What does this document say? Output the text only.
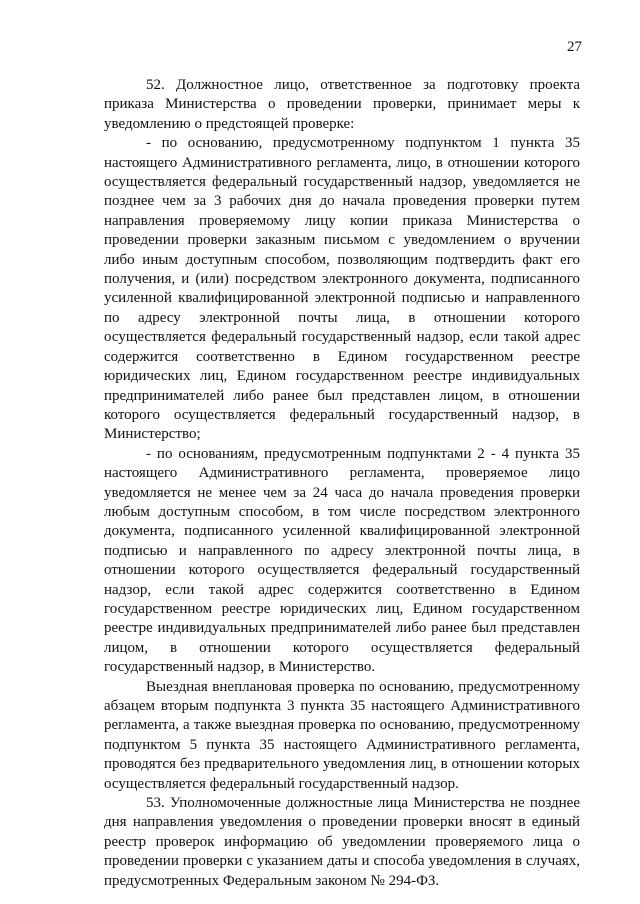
27

52. Должностное лицо, ответственное за подготовку проекта приказа Министерства о проведении проверки, принимает меры к уведомлению о предстоящей проверке:

- по основанию, предусмотренному подпунктом 1 пункта 35 настоящего Административного регламента, лицо, в отношении которого осуществляется федеральный государственный надзор, уведомляется не позднее чем за 3 рабочих дня до начала проведения проверки путем направления проверяемому лицу копии приказа Министерства о проведении проверки заказным письмом с уведомлением о вручении либо иным доступным способом, позволяющим подтвердить факт его получения, и (или) посредством электронного документа, подписанного усиленной квалифицированной электронной подписью и направленного по адресу электронной почты лица, в отношении которого осуществляется федеральный государственный надзор, если такой адрес содержится соответственно в Едином государственном реестре юридических лиц, Едином государственном реестре индивидуальных предпринимателей либо ранее был представлен лицом, в отношении которого осуществляется федеральный государственный надзор, в Министерство;

- по основаниям, предусмотренным подпунктами 2 - 4 пункта 35 настоящего Административного регламента, проверяемое лицо уведомляется не менее чем за 24 часа до начала проведения проверки любым доступным способом, в том числе посредством электронного документа, подписанного усиленной квалифицированной электронной подписью и направленного по адресу электронной почты лица, в отношении которого осуществляется федеральный государственный надзор, если такой адрес содержится соответственно в Едином государственном реестре юридических лиц, Едином государственном реестре индивидуальных предпринимателей либо ранее был представлен лицом, в отношении которого осуществляется федеральный государственный надзор, в Министерство.

Выездная внеплановая проверка по основанию, предусмотренному абзацем вторым подпункта 3 пункта 35 настоящего Административного регламента, а также выездная проверка по основанию, предусмотренному подпунктом 5 пункта 35 настоящего Административного регламента, проводятся без предварительного уведомления лиц, в отношении которых осуществляется федеральный государственный надзор.

53. Уполномоченные должностные лица Министерства не позднее дня направления уведомления о проведении проверки вносят в единый реестр проверок информацию об уведомлении проверяемого лица о проведении проверки с указанием даты и способа уведомления в случаях, предусмотренных Федеральным законом № 294-ФЗ.
